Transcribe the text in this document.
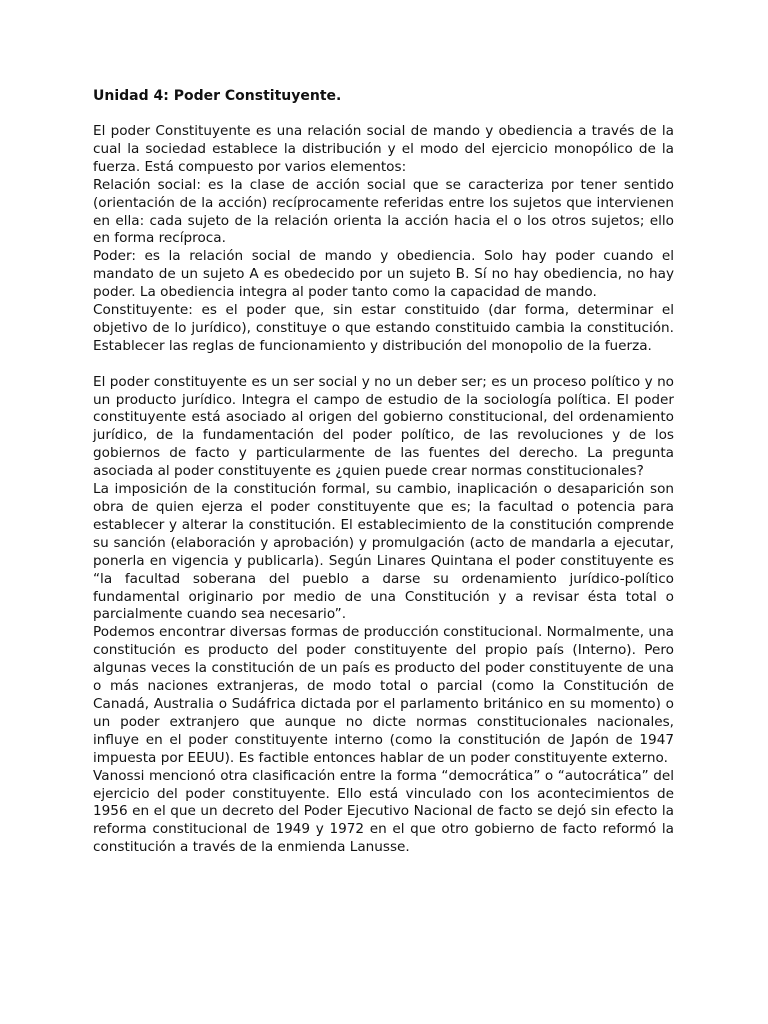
Unidad 4: Poder Constituyente.

El poder Constituyente es una relación social de mando y obediencia a través de la cual la sociedad establece la distribución y el modo del ejercicio monopólico de la fuerza. Está compuesto por varios elementos:

Relación social: es la clase de acción social que se caracteriza por tener sentido (orientación de la acción) recíprocamente referidas entre los sujetos que intervienen en ella: cada sujeto de la relación orienta la acción hacia el o los otros sujetos; ello en forma recíproca.

Poder: es la relación social de mando y obediencia. Solo hay poder cuando el mandato de un sujeto A es obedecido por un sujeto B. Sí no hay obediencia, no hay poder. La obediencia integra al poder tanto como la capacidad de mando.

Constituyente: es el poder que, sin estar constituido (dar forma, determinar el objetivo de lo jurídico), constituye o que estando constituido cambia la constitución. Establecer las reglas de funcionamiento y distribución del monopolio de la fuerza.

El poder constituyente es un ser social y no un deber ser; es un proceso político y no un producto jurídico. Integra el campo de estudio de la sociología política. El poder constituyente está asociado al origen del gobierno constitucional, del ordenamiento jurídico, de la fundamentación del poder político, de las revoluciones y de los gobiernos de facto y particularmente de las fuentes del derecho. La pregunta asociada al poder constituyente es ¿quien puede crear normas constitucionales?

La imposición de la constitución formal, su cambio, inaplicación o desaparición son obra de quien ejerza el poder constituyente que es; la facultad o potencia para establecer y alterar la constitución. El establecimiento de la constitución comprende su sanción (elaboración y aprobación) y promulgación (acto de mandarla a ejecutar, ponerla en vigencia y publicarla). Según Linares Quintana el poder constituyente es “la facultad soberana del pueblo a darse su ordenamiento jurídico-político fundamental originario por medio de una Constitución y a revisar ésta total o parcialmente cuando sea necesario”.

Podemos encontrar diversas formas de producción constitucional. Normalmente, una constitución es producto del poder constituyente del propio país (Interno). Pero algunas veces la constitución de un país es producto del poder constituyente de una o más naciones extranjeras, de modo total o parcial (como la Constitución de Canadá, Australia o Sudáfrica dictada por el parlamento británico en su momento) o un poder extranjero que aunque no dicte normas constitucionales nacionales, influye en el poder constituyente interno (como la constitución de Japón de 1947 impuesta por EEUU). Es factible entonces hablar de un poder constituyente externo.

Vanossi mencionó otra clasificación entre la forma “democrática” o “autocrática” del ejercicio del poder constituyente. Ello está vinculado con los acontecimientos de 1956 en el que un decreto del Poder Ejecutivo Nacional de facto se dejó sin efecto la reforma constitucional de 1949 y 1972 en el que otro gobierno de facto reformó la constitución a través de la enmienda Lanusse.
